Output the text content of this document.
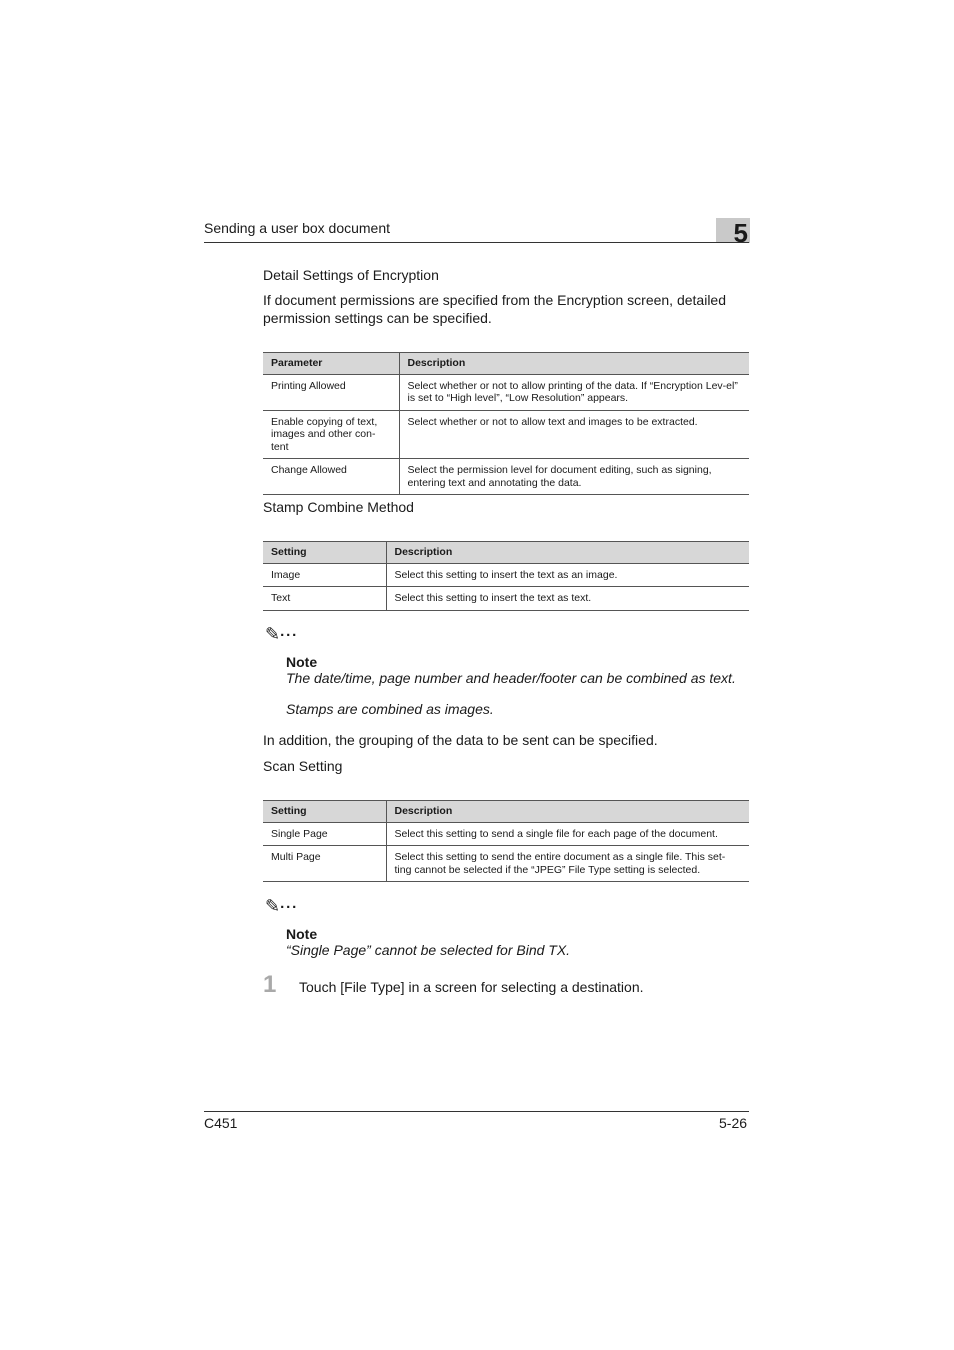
Sending a user box document	5
Detail Settings of Encryption
If document permissions are specified from the Encryption screen, detailed permission settings can be specified.
Parameter	Description
Printing Allowed	Select whether or not to allow printing of the data. If “Encryption Lev-el” is set to “High level”, “Low Resolution” appears.
Enable copying of text, images and other con-tent	Select whether or not to allow text and images to be extracted.
Change Allowed	Select the permission level for document editing, such as signing, entering text and annotating the data.
Stamp Combine Method
Setting	Description
Image	Select this setting to insert the text as an image.
Text	Select this setting to insert the text as text.
✎···
Note
The date/time, page number and header/footer can be combined as text.
Stamps are combined as images.
In addition, the grouping of the data to be sent can be specified.
Scan Setting
Setting	Description
Single Page	Select this setting to send a single file for each page of the document.
Multi Page	Select this setting to send the entire document as a single file. This set-ting cannot be selected if the “JPEG” File Type setting is selected.
✎···
Note
“Single Page” cannot be selected for Bind TX.
1 Touch [File Type] in a screen for selecting a destination.
C451	5-26
